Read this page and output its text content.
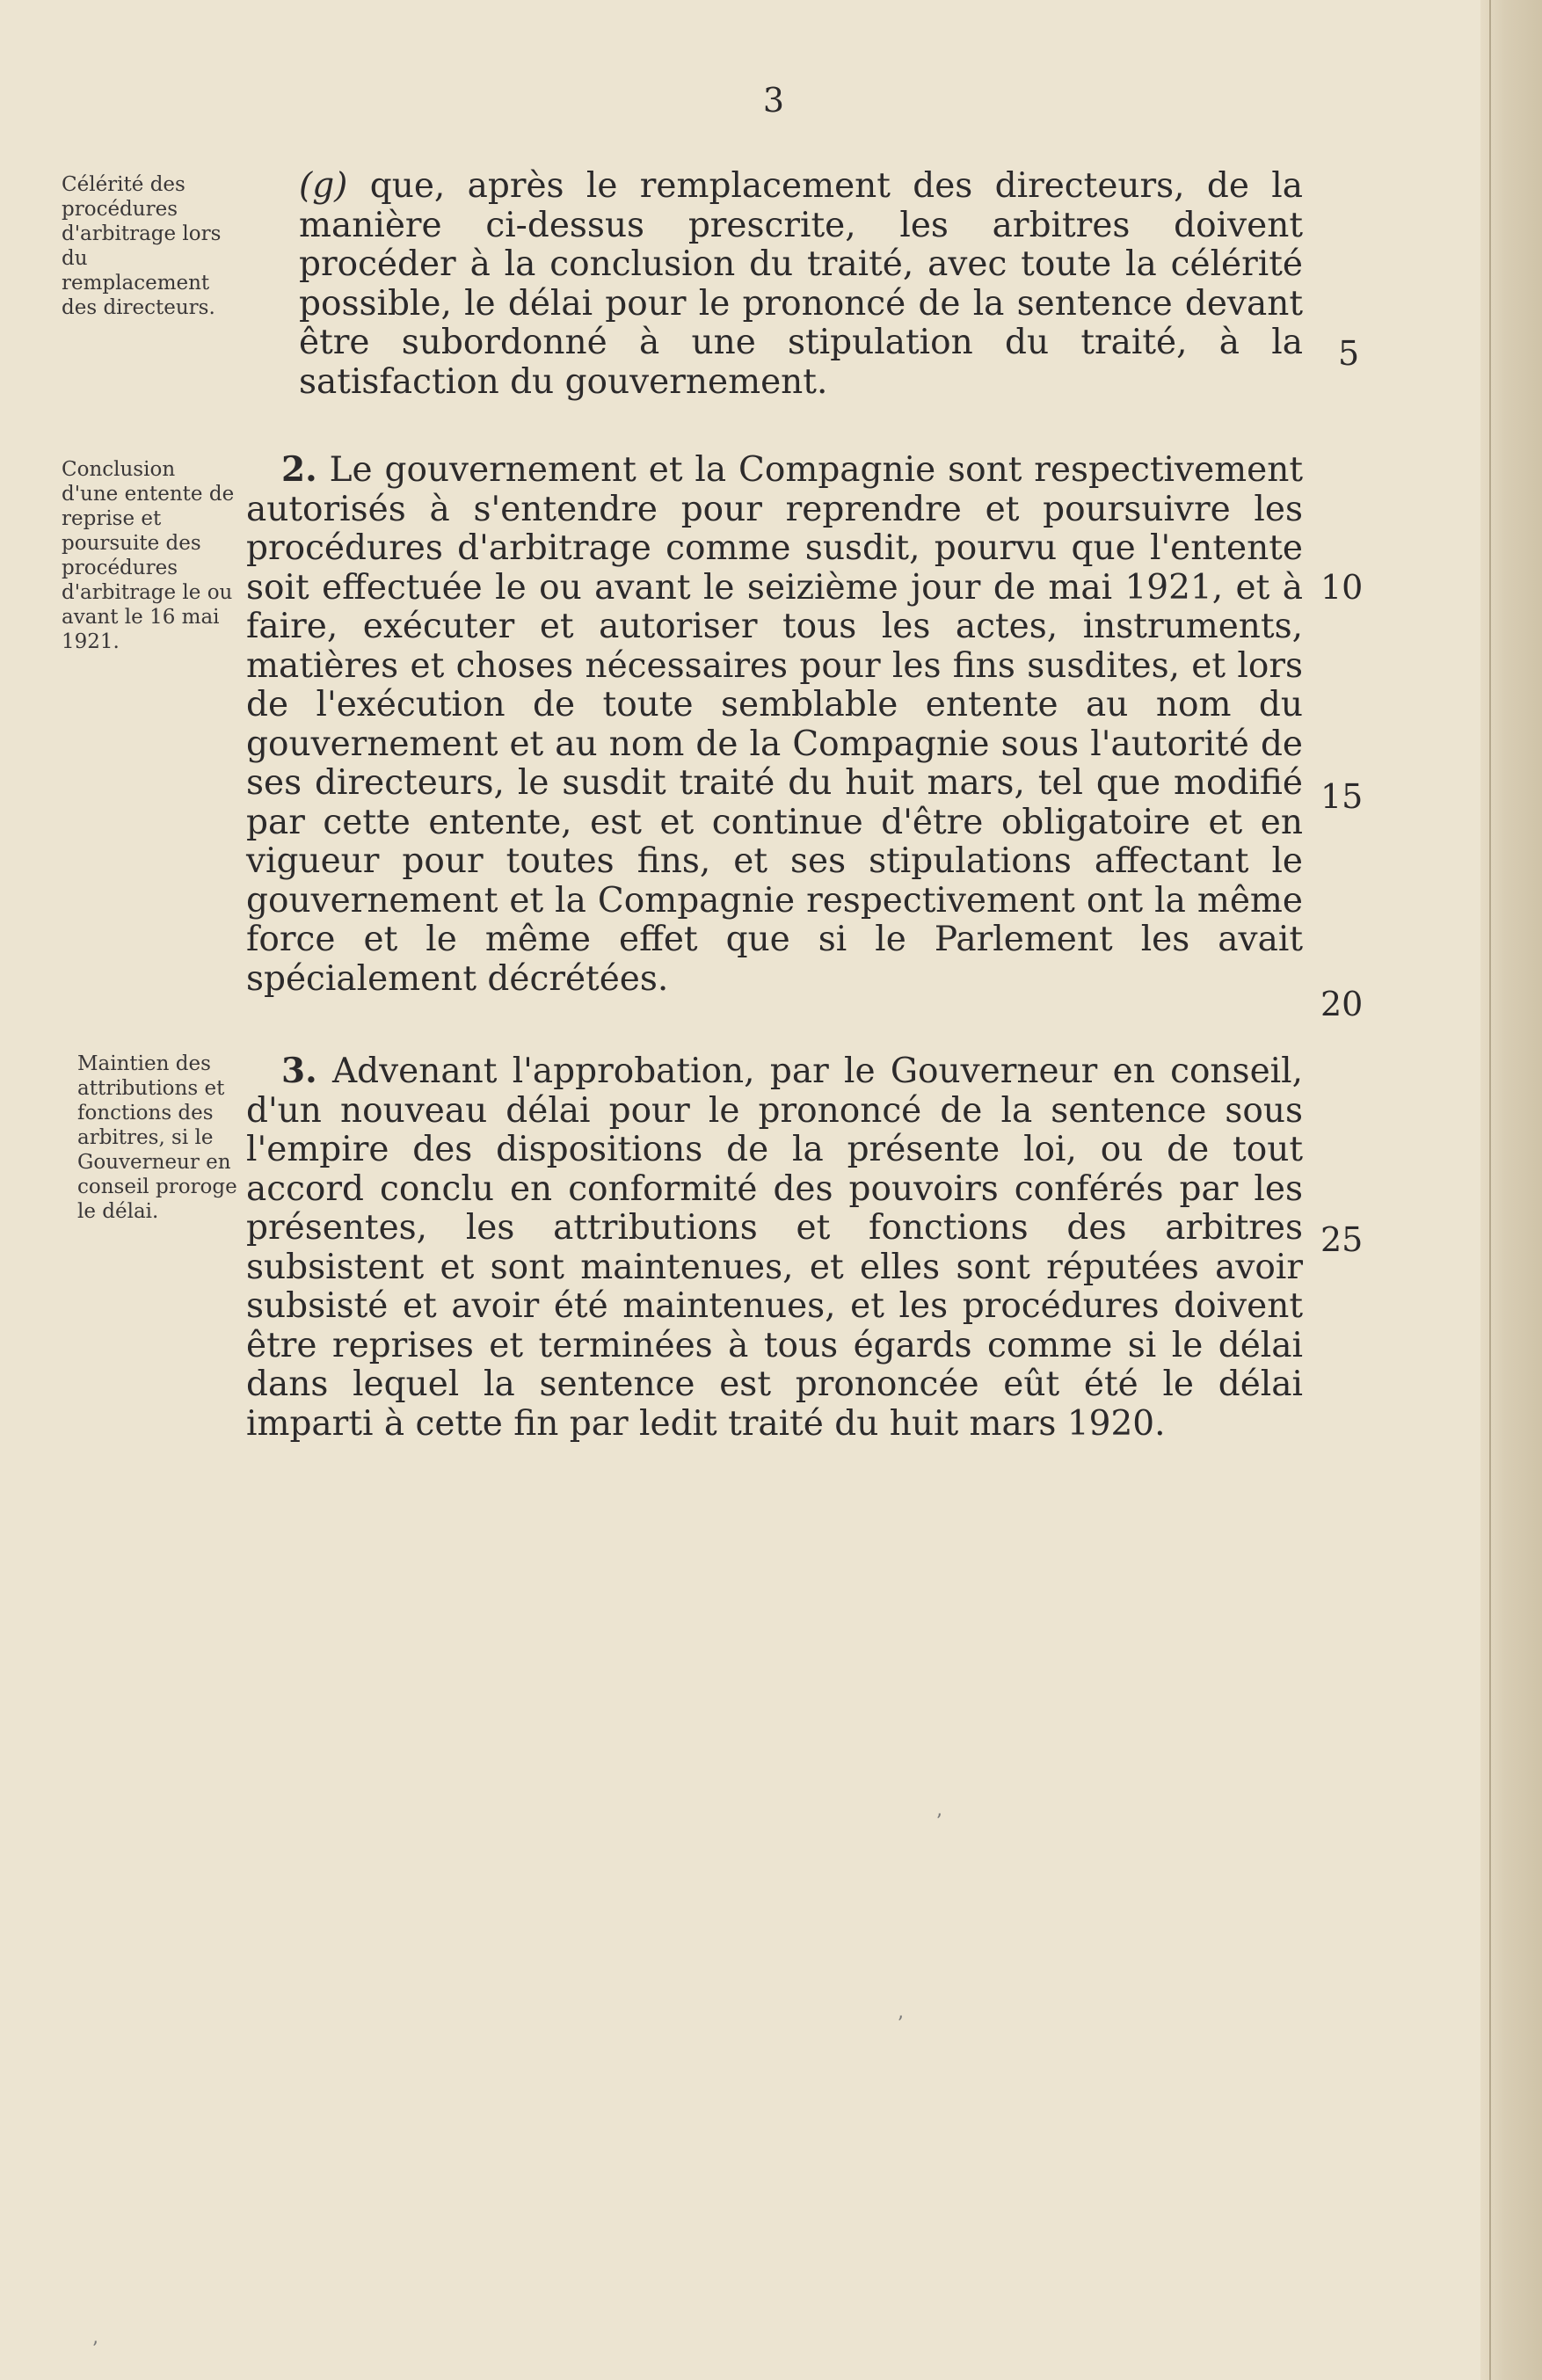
3
Célérité des procédures d'arbitrage lors du remplacement des directeurs.
(g) que, après le remplacement des directeurs, de la manière ci-dessus prescrite, les arbitres doivent procéder à la conclusion du traité, avec toute la célérité possible, le délai pour le prononcé de la sentence devant être subordonné à une stipulation du traité, à la satisfaction du gouvernement.
5
Conclusion d'une entente de reprise et poursuite des procédures d'arbitrage le ou avant le 16 mai 1921.
2. Le gouvernement et la Compagnie sont respectivement autorisés à s'entendre pour reprendre et poursuivre les procédures d'arbitrage comme susdit, pourvu que l'entente soit effectuée le ou avant le seizième jour de mai 1921, et à faire, exécuter et autoriser tous les actes, instruments, matières et choses nécessaires pour les fins susdites, et lors de l'exécution de toute semblable entente au nom du gouvernement et au nom de la Compagnie sous l'autorité de ses directeurs, le susdit traité du huit mars, tel que modifié par cette entente, est et continue d'être obligatoire et en vigueur pour toutes fins, et ses stipulations affectant le gouvernement et la Compagnie respectivement ont la même force et le même effet que si le Parlement les avait spécialement décrétées.
10
15
20
Maintien des attributions et fonctions des arbitres, si le Gouverneur en conseil proroge le délai.
3. Advenant l'approbation, par le Gouverneur en conseil, d'un nouveau délai pour le prononcé de la sentence sous l'empire des dispositions de la présente loi, ou de tout accord conclu en conformité des pouvoirs conférés par les présentes, les attributions et fonctions des arbitres subsistent et sont maintenues, et elles sont réputées avoir subsisté et avoir été maintenues, et les procédures doivent être reprises et terminées à tous égards comme si le délai dans lequel la sentence est prononcée eût été le délai imparti à cette fin par ledit traité du huit mars 1920.
25
ʼ
ʼ
ʼ
